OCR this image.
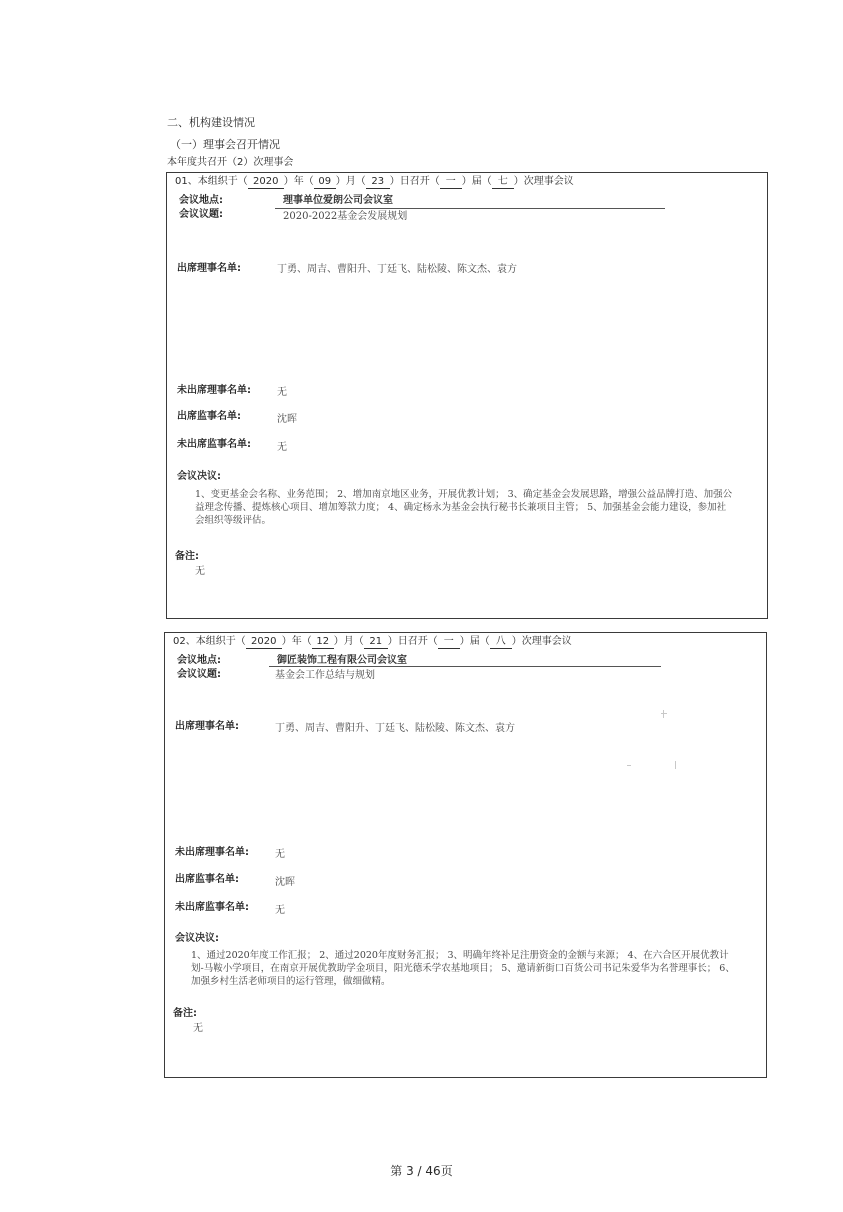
二、机构建设情况
（一）理事会召开情况
本年度共召开（2）次理事会
01、本组织于（ 2020 ）年（ 09 ）月（ 23 ）日召开（ 一 ）届（ 七 ）次理事会议
会议地点:	理事单位爱朗公司会议室
会议议题:	2020-2022基金会发展规划
出席理事名单:	丁勇、周吉、曹阳升、丁廷飞、陆松陵、陈文杰、袁方
未出席理事名单:	无
出席监事名单:	沈晖
未出席监事名单:	无
会议决议:
1、变更基金会名称、业务范围； 2、增加南京地区业务，开展优教计划； 3、确定基金会发展思路，增强公益品牌打造、加强公益理念传播、提炼核心项目、增加筹款力度； 4、确定杨永为基金会执行秘书长兼项目主管； 5、加强基金会能力建设，参加社会组织等级评估。
备注:
无
02、本组织于（ 2020 ）年（ 12 ）月（ 21 ）日召开（ 一 ）届（ 八 ）次理事会议
会议地点:	御匠装饰工程有限公司会议室
会议议题:	基金会工作总结与规划
出席理事名单:	丁勇、周吉、曹阳升、丁廷飞、陆松陵、陈文杰、袁方
未出席理事名单:	无
出席监事名单:	沈晖
未出席监事名单:	无
会议决议:
1、通过2020年度工作汇报； 2、通过2020年度财务汇报； 3、明确年终补足注册资金的金额与来源； 4、在六合区开展优教计划-马鞍小学项目，在南京开展优教助学金项目，阳光德禾学农基地项目； 5、邀请新街口百货公司书记朱爱华为名誉理事长； 6、加强乡村生活老师项目的运行管理，做细做精。
备注:
无
第 3 / 46页
